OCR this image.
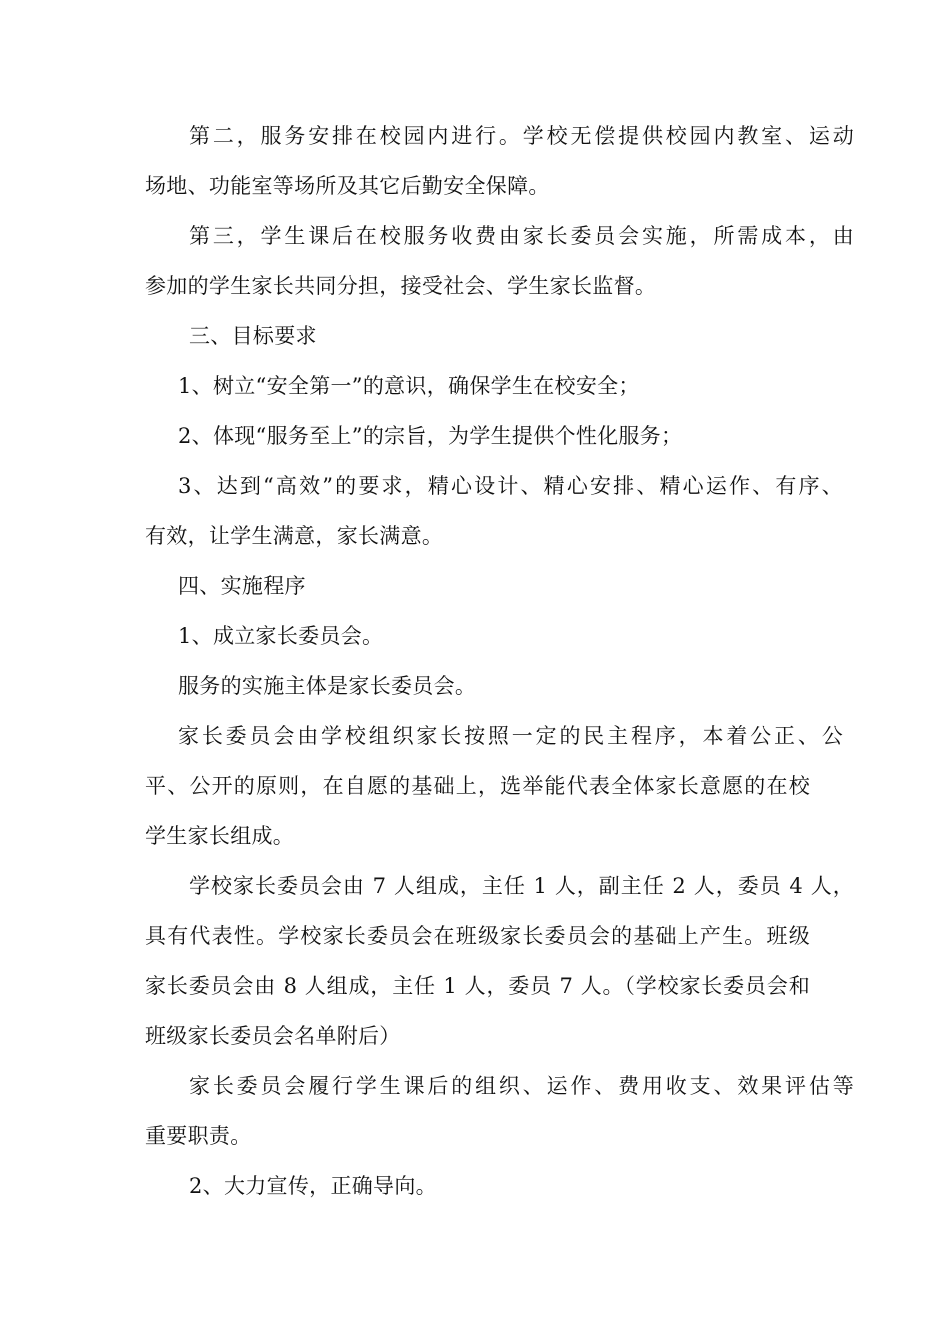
第二，服务安排在校园内进行。学校无偿提供校园内教室、运动
场地、功能室等场所及其它后勤安全保障。
第三，学生课后在校服务收费由家长委员会实施，所需成本，由
参加的学生家长共同分担，接受社会、学生家长监督。
三、目标要求
1、树立“安全第一”的意识，确保学生在校安全；
2、体现“服务至上”的宗旨，为学生提供个性化服务；
3、达到“高效”的要求，精心设计、精心安排、精心运作、有序、
有效，让学生满意，家长满意。
四、实施程序
1、成立家长委员会。
服务的实施主体是家长委员会。
家长委员会由学校组织家长按照一定的民主程序，本着公正、公
平、公开的原则，在自愿的基础上，选举能代表全体家长意愿的在校
学生家长组成。
学校家长委员会由 7 人组成，主任 1 人，副主任 2 人，委员 4 人，
具有代表性。学校家长委员会在班级家长委员会的基础上产生。班级
家长委员会由 8 人组成，主任 1 人，委员 7 人。（学校家长委员会和
班级家长委员会名单附后）
家长委员会履行学生课后的组织、运作、费用收支、效果评估等
重要职责。
2、大力宣传，正确导向。
